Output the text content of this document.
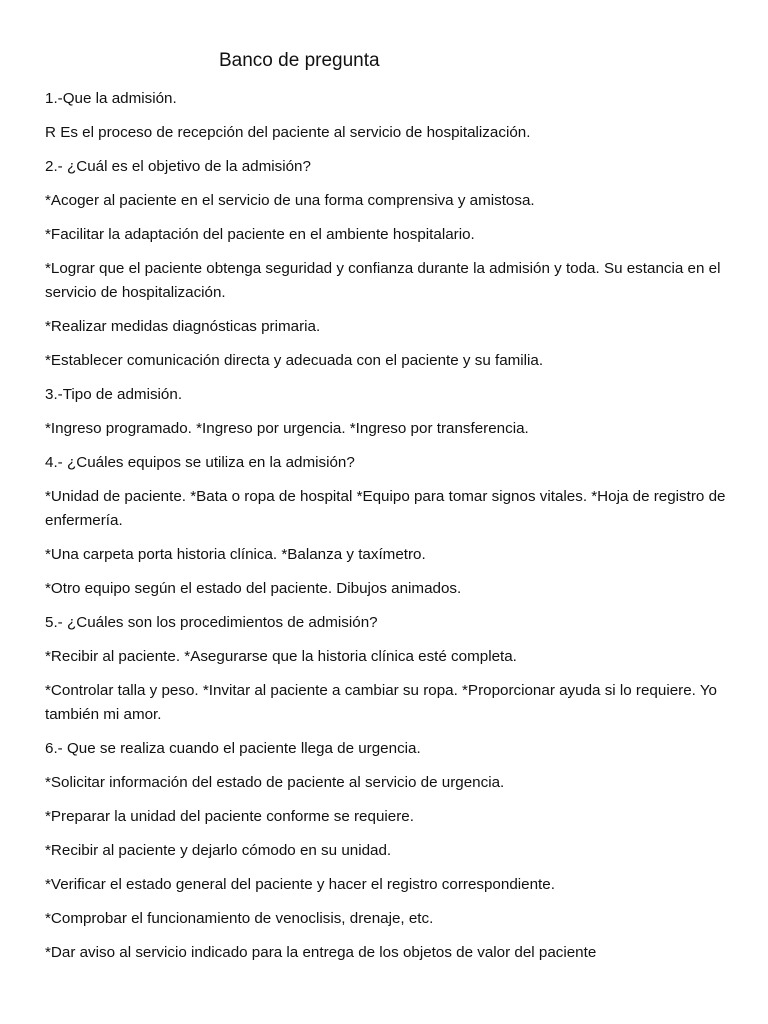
Banco de pregunta

1.-Que la admisión.

R Es el proceso de recepción del paciente al servicio de hospitalización.

2.- ¿Cuál es el objetivo de la admisión?

*Acoger al paciente en el servicio de una forma comprensiva y amistosa.

*Facilitar la adaptación del paciente en el ambiente hospitalario.

*Lograr que el paciente obtenga seguridad y confianza durante la admisión y toda. Su estancia en el servicio de hospitalización.

*Realizar medidas diagnósticas primaria.

*Establecer comunicación directa y adecuada con el paciente y su familia.

3.-Tipo de admisión.

*Ingreso programado. *Ingreso por urgencia. *Ingreso por transferencia.

4.- ¿Cuáles equipos se utiliza en la admisión?

*Unidad de paciente. *Bata o ropa de hospital *Equipo para tomar signos vitales. *Hoja de registro de enfermería.

*Una carpeta porta historia clínica. *Balanza y taxímetro.

*Otro equipo según el estado del paciente. Dibujos animados.

5.- ¿Cuáles son los procedimientos de admisión?

*Recibir al paciente. *Asegurarse que la historia clínica esté completa.

*Controlar talla y peso. *Invitar al paciente a cambiar su ropa. *Proporcionar ayuda si lo requiere. Yo también mi amor.

6.- Que se realiza cuando el paciente llega de urgencia.

*Solicitar información del estado de paciente al servicio de urgencia.

*Preparar la unidad del paciente conforme se requiere.

*Recibir al paciente y dejarlo cómodo en su unidad.

*Verificar el estado general del paciente y hacer el registro correspondiente.

*Comprobar el funcionamiento de venoclisis, drenaje, etc.

*Dar aviso al servicio indicado para la entrega de los objetos de valor del paciente
